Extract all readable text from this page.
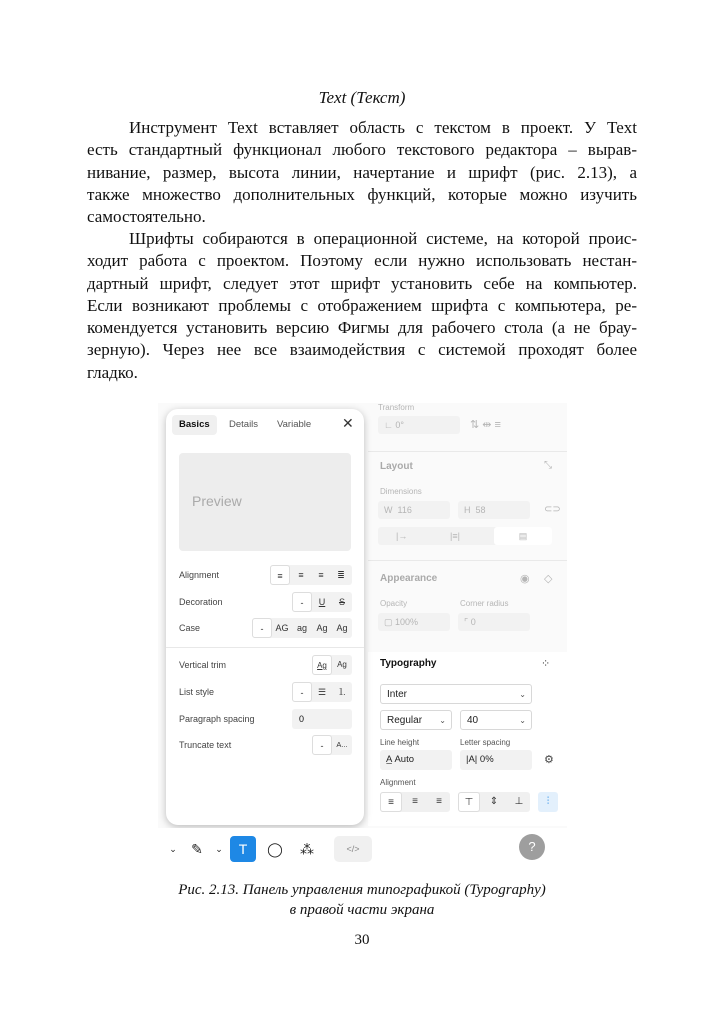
Text (Текст)
Инструмент Text вставляет область с текстом в проект. У Text
есть стандартный функционал любого текстового редактора – вырав-
нивание, размер, высота линии, начертание и шрифт (рис. 2.13), а
также множество дополнительных функций, которые можно изучить
самостоятельно.
Шрифты собираются в операционной системе, на которой проис-
ходит работа с проектом. Поэтому если нужно использовать нестан-
дартный шрифт, следует этот шрифт установить себе на компьютер.
Если возникают проблемы с отображением шрифта с компьютера, ре-
комендуется установить версию Фигмы для рабочего стола (а не брау-
зерную). Через нее все взаимодействия с системой проходят более
гладко.
Transform
∟ 0°	⇅ ⇹ ≡
Layout	⤡
Dimensions
W 116	H 58	⊂⊃
|→	|≡|	▤
Appearance	◉ ◇
Opacity	Corner radius
▢ 100%	⌜ 0
Typography	⁘
Inter	⌄
Regular ⌄	40	⌄
Line height	Letter spacing
A̲ Auto	|A| 0%	⚙
Alignment
≡	≡	≡	⊤	⇕	⊥	⫶
Basics	Details	Variable	✕
Preview
Alignment	≡	≡	≡	≣
Decoration	-	U	S
Case	-	AG ag	Ag Ag
Vertical trim	Ag	Ag
List style	-	☰	⒈
Paragraph spacing	0
Truncate text	-	A...
⌄	✎	⌄	T	◯	⁂	</>	?
Рис. 2.13. Панель управления типографикой (Typography)
в правой части экрана
30
